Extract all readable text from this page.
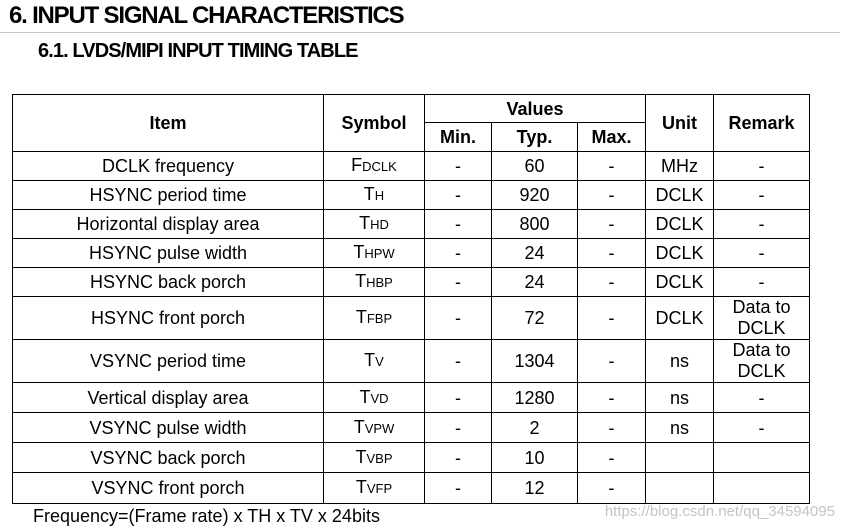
6. INPUT SIGNAL CHARACTERISTICS
6.1. LVDS/MIPI INPUT TIMING TABLE
Item	Symbol	Values			Unit	Remark
		Min.	Typ.	Max.		
DCLK frequency	FDCLK	-	60	-	MHz	-
HSYNC period time	TH	-	920	-	DCLK	-
Horizontal display area	THD	-	800	-	DCLK	-
HSYNC pulse width	THPW	-	24	-	DCLK	-
HSYNC back porch	THBP	-	24	-	DCLK	-
HSYNC front porch	TFBP	-	72	-	DCLK	Data to DCLK
VSYNC period time	TV	-	1304	-	ns	Data to DCLK
Vertical display area	TVD	-	1280	-	ns	-
VSYNC pulse width	TVPW	-	2	-	ns	-
VSYNC back porch	TVBP	-	10	-		
VSYNC front porch	TVFP	-	12	-		
Frequency=(Frame rate) x TH x TV x 24bits	https://blog.csdn.net/qq_34594095
